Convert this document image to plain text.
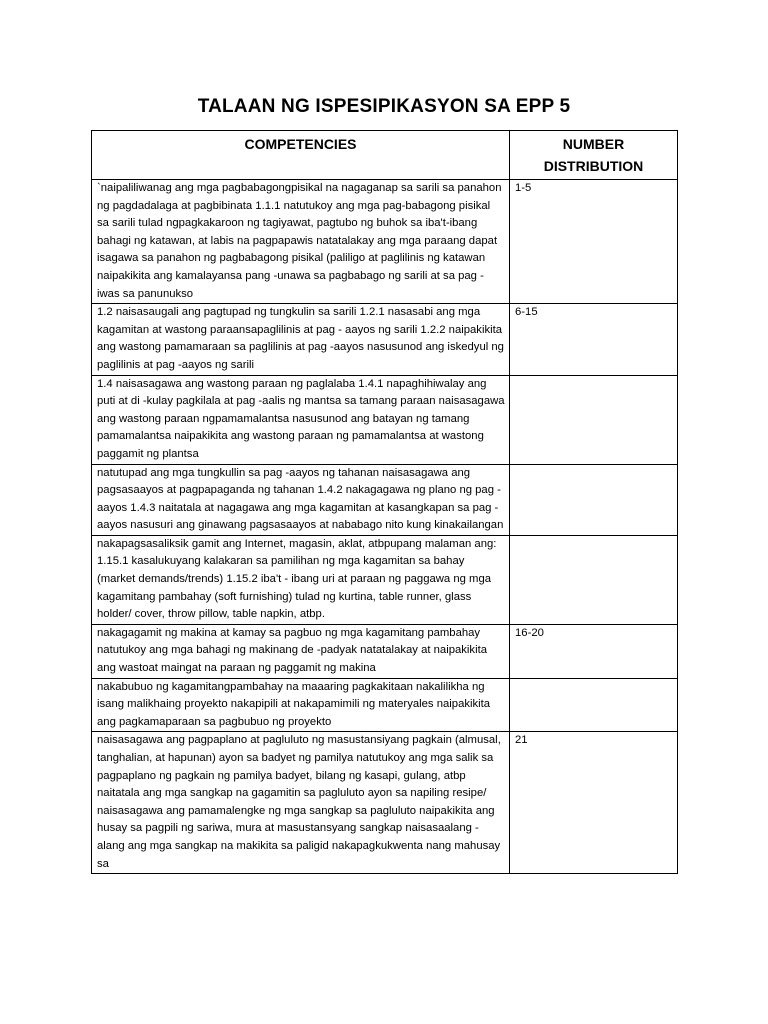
TALAAN NG ISPESIPIKASYON SA EPP 5
COMPETENCIES	NUMBER DISTRIBUTION
`naipaliliwanag ang mga pagbabagongpisikal na nagaganap sa sarili sa panahon ng pagdadalaga at pagbibinata 1.1.1 natutukoy ang mga pag-babagong pisikal sa sarili tulad ngpagkakaroon ng tagiyawat, pagtubo ng buhok sa iba't-ibang bahagi ng katawan, at labis na pagpapawis natatalakay ang mga paraang dapat isagawa sa panahon ng pagbabagong pisikal (paliligo at paglilinis ng katawan naipakikita ang kamalayansa pang -unawa sa pagbabago ng sarili at sa pag -iwas sa panunukso	1-5
1.2 naisasaugali ang pagtupad ng tungkulin sa sarili 1.2.1 nasasabi ang mga kagamitan at wastong paraansapaglilinis at pag - aayos ng sarili 1.2.2 naipakikita ang wastong pamamaraan sa paglilinis at pag -aayos nasusunod ang iskedyul ng paglilinis at pag -aayos ng sarili	6-15
1.4 naisasagawa ang wastong paraan ng paglalaba 1.4.1 napaghihiwalay ang puti at di -kulay pagkilala at pag -aalis ng mantsa sa tamang paraan naisasagawa ang wastong paraan ngpamamalantsa nasusunod ang batayan ng tamang pamamalantsa naipakikita ang wastong paraan ng pamamalantsa at wastong paggamit ng plantsa	
natutupad ang mga tungkullin sa pag -aayos ng tahanan naisasagawa ang pagsasaayos at pagpapaganda ng tahanan 1.4.2 nakagagawa ng plano ng pag -aayos 1.4.3 naitatala at nagagawa ang mga kagamitan at kasangkapan sa pag - aayos nasusuri ang ginawang pagsasaayos at nababago nito kung kinakailangan	
nakapagsasaliksik gamit ang Internet, magasin, aklat, atbpupang malaman ang: 1.15.1 kasalukuyang kalakaran sa pamilihan ng mga kagamitan sa bahay (market demands/trends) 1.15.2 iba't - ibang uri at paraan ng paggawa ng mga kagamitang pambahay (soft furnishing) tulad ng kurtina, table runner, glass holder/ cover, throw pillow, table napkin, atbp.	
nakagagamit ng makina at kamay sa pagbuo ng mga kagamitang pambahay natutukoy ang mga bahagi ng makinang de -padyak natatalakay at naipakikita ang wastoat maingat na paraan ng paggamit ng makina	16-20
nakabubuo ng kagamitangpambahay na maaaring pagkakitaan nakalilikha ng isang malikhaing proyekto nakapipili at nakapamimili ng materyales naipakikita ang pagkamaparaan sa pagbubuo ng proyekto	
naisasagawa ang pagpaplano at pagluluto ng masustansiyang pagkain (almusal, tanghalian, at hapunan) ayon sa badyet ng pamilya natutukoy ang mga salik sa pagpaplano ng pagkain ng pamilya badyet, bilang ng kasapi, gulang, atbp naitatala ang mga sangkap na gagamitin sa pagluluto ayon sa napiling resipe/ naisasagawa ang pamamalengke ng mga sangkap sa pagluluto naipakikita ang husay sa pagpili ng sariwa, mura at masustansyang sangkap naisasaalang -alang ang mga sangkap na makikita sa paligid nakapagkukwenta nang mahusay sa	21
